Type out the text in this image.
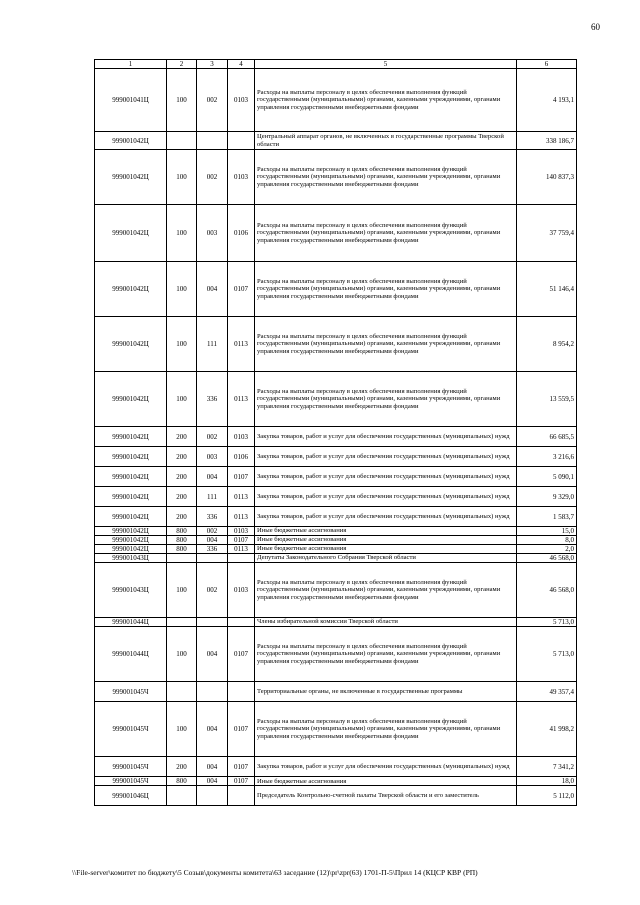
60
1	2	3	4	5	6
999001041Ц	100	002	0103	Расходы на выплаты персоналу в целях обеспечения выполнения функций государственными (муниципальными) органами, казенными учреждениями, органами управления государственными внебюджетными фондами	4 193,1
999001042Ц				Центральный аппарат органов, не включенных в государственные программы Тверской области	338 186,7
999001042Ц	100	002	0103	Расходы на выплаты персоналу в целях обеспечения выполнения функций государственными (муниципальными) органами, казенными учреждениями, органами управления государственными внебюджетными фондами	140 837,3
999001042Ц	100	003	0106	Расходы на выплаты персоналу в целях обеспечения выполнения функций государственными (муниципальными) органами, казенными учреждениями, органами управления государственными внебюджетными фондами	37 759,4
999001042Ц	100	004	0107	Расходы на выплаты персоналу в целях обеспечения выполнения функций государственными (муниципальными) органами, казенными учреждениями, органами управления государственными внебюджетными фондами	51 146,4
999001042Ц	100	111	0113	Расходы на выплаты персоналу в целях обеспечения выполнения функций государственными (муниципальными) органами, казенными учреждениями, органами управления государственными внебюджетными фондами	8 954,2
999001042Ц	100	336	0113	Расходы на выплаты персоналу в целях обеспечения выполнения функций государственными (муниципальными) органами, казенными учреждениями, органами управления государственными внебюджетными фондами	13 559,5
999001042Ц	200	002	0103	Закупка товаров, работ и услуг для обеспечения государственных (муниципальных) нужд	66 685,5
999001042Ц	200	003	0106	Закупка товаров, работ и услуг для обеспечения государственных (муниципальных) нужд	3 216,6
999001042Ц	200	004	0107	Закупка товаров, работ и услуг для обеспечения государственных (муниципальных) нужд	5 090,1
999001042Ц	200	111	0113	Закупка товаров, работ и услуг для обеспечения государственных (муниципальных) нужд	9 329,0
999001042Ц	200	336	0113	Закупка товаров, работ и услуг для обеспечения государственных (муниципальных) нужд	1 583,7
999001042Ц	800	002	0103	Иные бюджетные ассигнования	15,0
999001042Ц	800	004	0107	Иные бюджетные ассигнования	8,0
999001042Ц	800	336	0113	Иные бюджетные ассигнования	2,0
999001043Ц				Депутаты Законодательного Собрания Тверской области	46 568,0
999001043Ц	100	002	0103	Расходы на выплаты персоналу в целях обеспечения выполнения функций государственными (муниципальными) органами, казенными учреждениями, органами управления государственными внебюджетными фондами	46 568,0
999001044Ц				Члены избирательной комиссии Тверской области	5 713,0
999001044Ц	100	004	0107	Расходы на выплаты персоналу в целях обеспечения выполнения функций государственными (муниципальными) органами, казенными учреждениями, органами управления государственными внебюджетными фондами	5 713,0
999001045Ч				Территориальные органы, не включенные в государственные программы	49 357,4
999001045Ч	100	004	0107	Расходы на выплаты персоналу в целях обеспечения выполнения функций государственными (муниципальными) органами, казенными учреждениями, органами управления государственными внебюджетными фондами	41 998,2
999001045Ч	200	004	0107	Закупка товаров, работ и услуг для обеспечения государственных (муниципальных) нужд	7 341,2
999001045Ч	800	004	0107	Иные бюджетные ассигнования	18,0
999001046Ц				Председатель Контрольно-счетной палаты Тверской области и его заместитель	5 112,0
\\File-server\комитет по бюджету\5 Созыв\документы комитета\63 заседание (12)\pr\zpr(63) 1701-П-5\Прил 14 (КЦСР КВР (РП)
